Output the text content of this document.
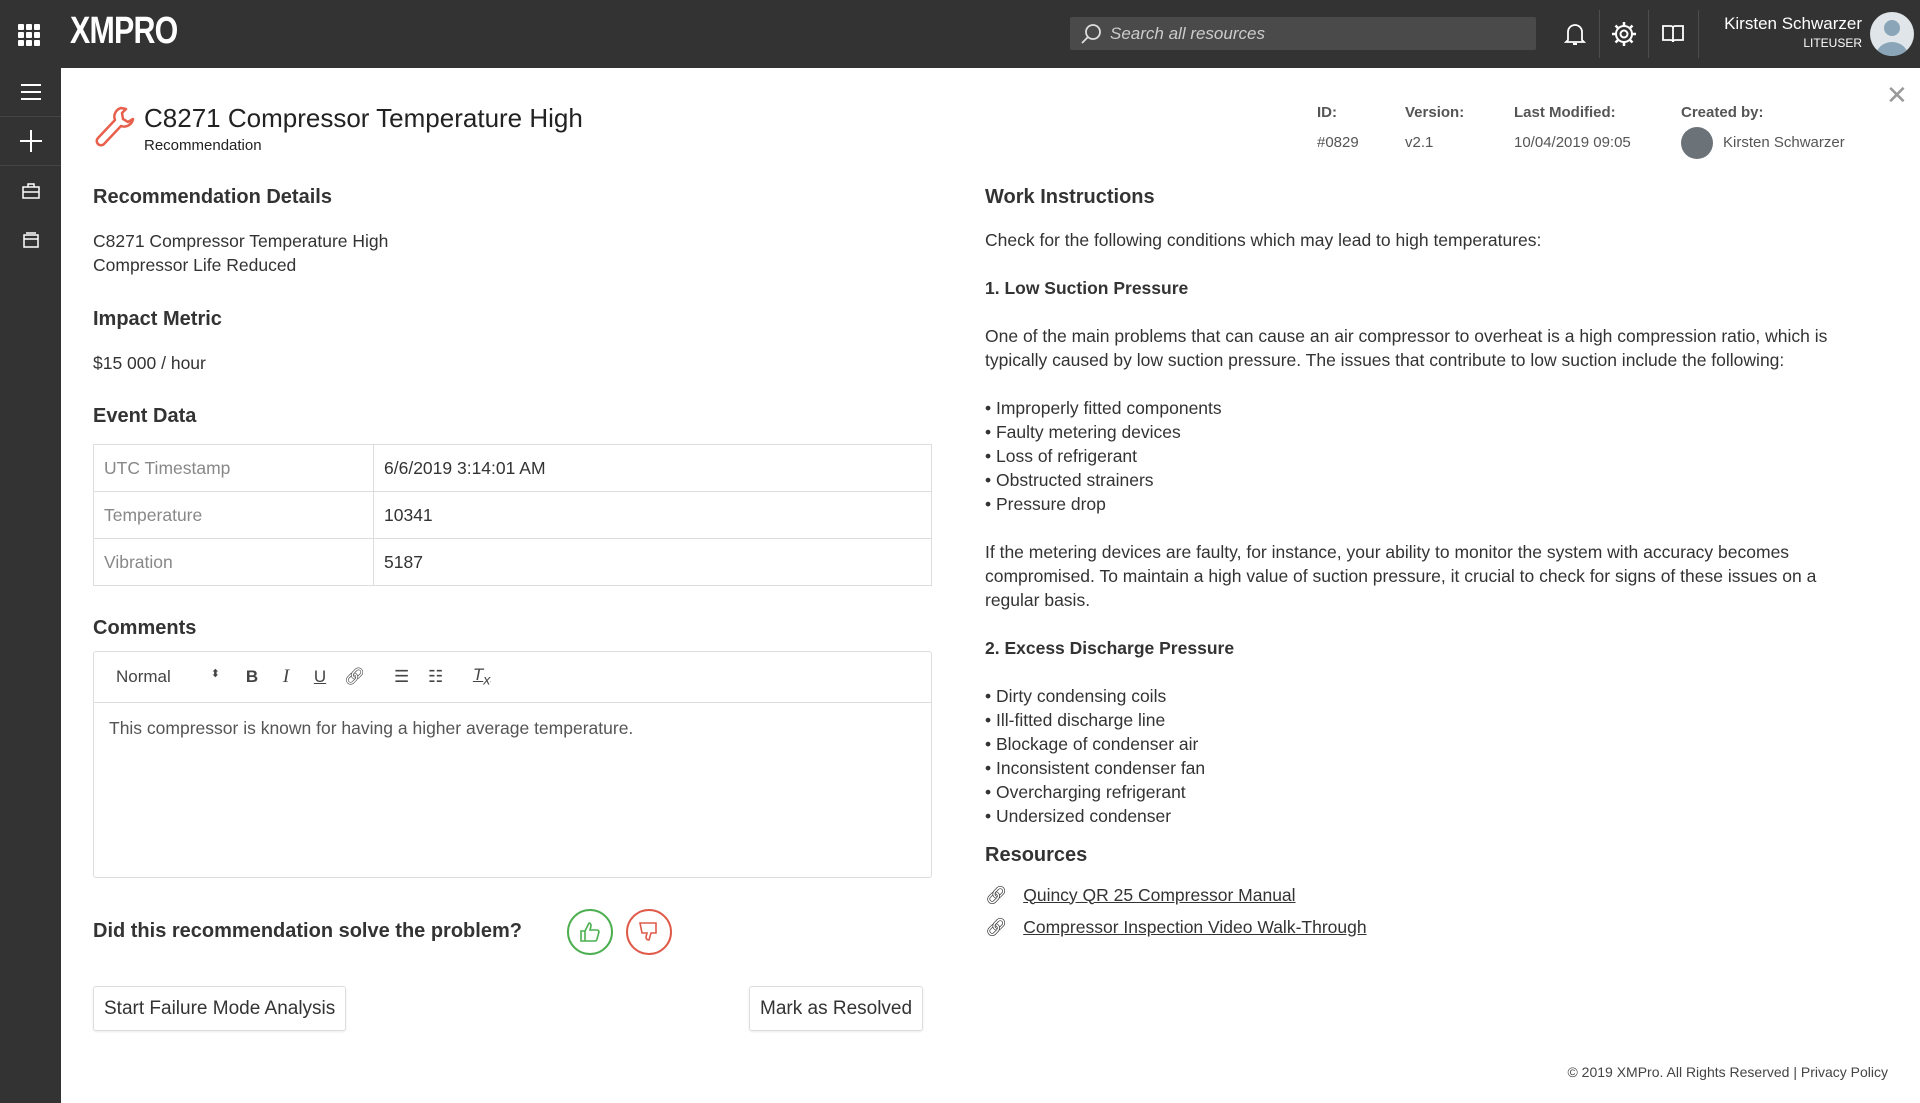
XMPRO
Search all resources	Kirsten Schwarzer
LITEUSER
✕
C8271 Compressor Temperature High
Recommendation
ID:
#0829
Version:
v2.1
Last Modified:
10/04/2019 09:05
Created by:
Kirsten Schwarzer
Recommendation Details
C8271 Compressor Temperature High
Compressor Life Reduced
Impact Metric
$15 000 / hour
Event Data
UTC Timestamp	6/6/2019 3:14:01 AM
Temperature	10341
Vibration	5187
Comments
Normal	⬍ B	I	U 🔗︎ ☰ ☷ $T_x$
This compressor is known for having a higher average temperature.
Did this recommendation solve the problem?
Start Failure Mode Analysis	Mark as Resolved
Work Instructions

Check for the following conditions which may lead to high temperatures:

1. Low Suction Pressure

One of the main problems that can cause an air compressor to overheat is a high compression ratio, which is typically caused by low suction pressure. The issues that contribute to low suction include the following:

• Improperly fitted components

• Faulty metering devices

• Loss of refrigerant

• Obstructed strainers

• Pressure drop

If the metering devices are faulty, for instance, your ability to monitor the system with accuracy becomes compromised. To maintain a high value of suction pressure, it crucial to check for signs of these issues on a regular basis.

2. Excess Discharge Pressure

• Dirty condensing coils

• Ill-fitted discharge line

• Blockage of condenser air

• Inconsistent condenser fan

• Overcharging refrigerant

• Undersized condenser

Resources
🔗︎ Quincy QR 25 Compressor Manual
🔗︎ Compressor Inspection Video Walk-Through
© 2019 XMPro. All Rights Reserved | Privacy Policy
